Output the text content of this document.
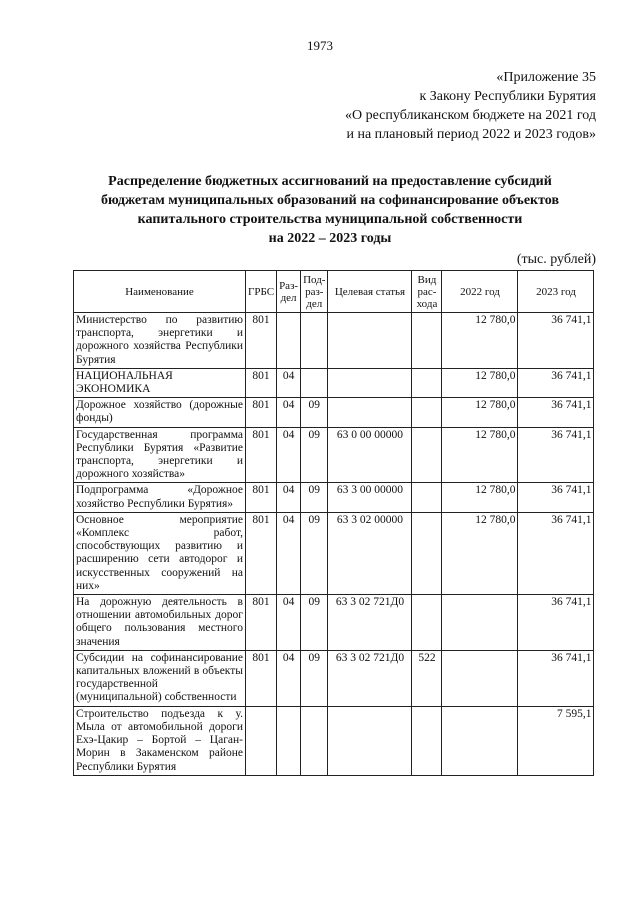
1973
«Приложение 35
к Закону Республики Бурятия
«О республиканском бюджете на 2021 год
и на плановый период 2022 и 2023 годов»
Распределение бюджетных ассигнований на предоставление субсидий
бюджетам муниципальных образований на софинансирование объектов
капитального строительства муниципальной собственности
на 2022 – 2023 годы
(тыс. рублей)
Наименование	ГРБС	Раз-дел	Под-раз-дел	Целевая статья	Вид рас-хода	2022 год	2023 год
Министерство по развитию транспорта, энергетики и дорожного хозяйства Республики Бурятия	801					12 780,0	36 741,1
НАЦИОНАЛЬНАЯ ЭКОНОМИКА	801	04				12 780,0	36 741,1
Дорожное хозяйство (дорожные фонды)	801	04	09			12 780,0	36 741,1
Государственная программа Республики Бурятия «Развитие транспорта, энергетики и дорожного хозяйства»	801	04	09	63 0 00 00000		12 780,0	36 741,1
Подпрограмма «Дорожное хозяйство Республики Бурятия»	801	04	09	63 3 00 00000		12 780,0	36 741,1
Основное мероприятие «Комплекс работ, способствующих развитию и расширению сети автодорог и искусственных сооружений на них»	801	04	09	63 3 02 00000		12 780,0	36 741,1
На дорожную деятельность в отношении автомобильных дорог общего пользования местного значения	801	04	09	63 3 02 721Д0			36 741,1
Субсидии на софинансирование капитальных вложений в объекты государственной (муниципальной) собственности	801	04	09	63 3 02 721Д0	522		36 741,1
Строительство подъезда к у. Мыла от автомобильной дороги Ехэ-Цакир – Бортой – Цаган-Морин в Закаменском районе Республики Бурятия							7 595,1
